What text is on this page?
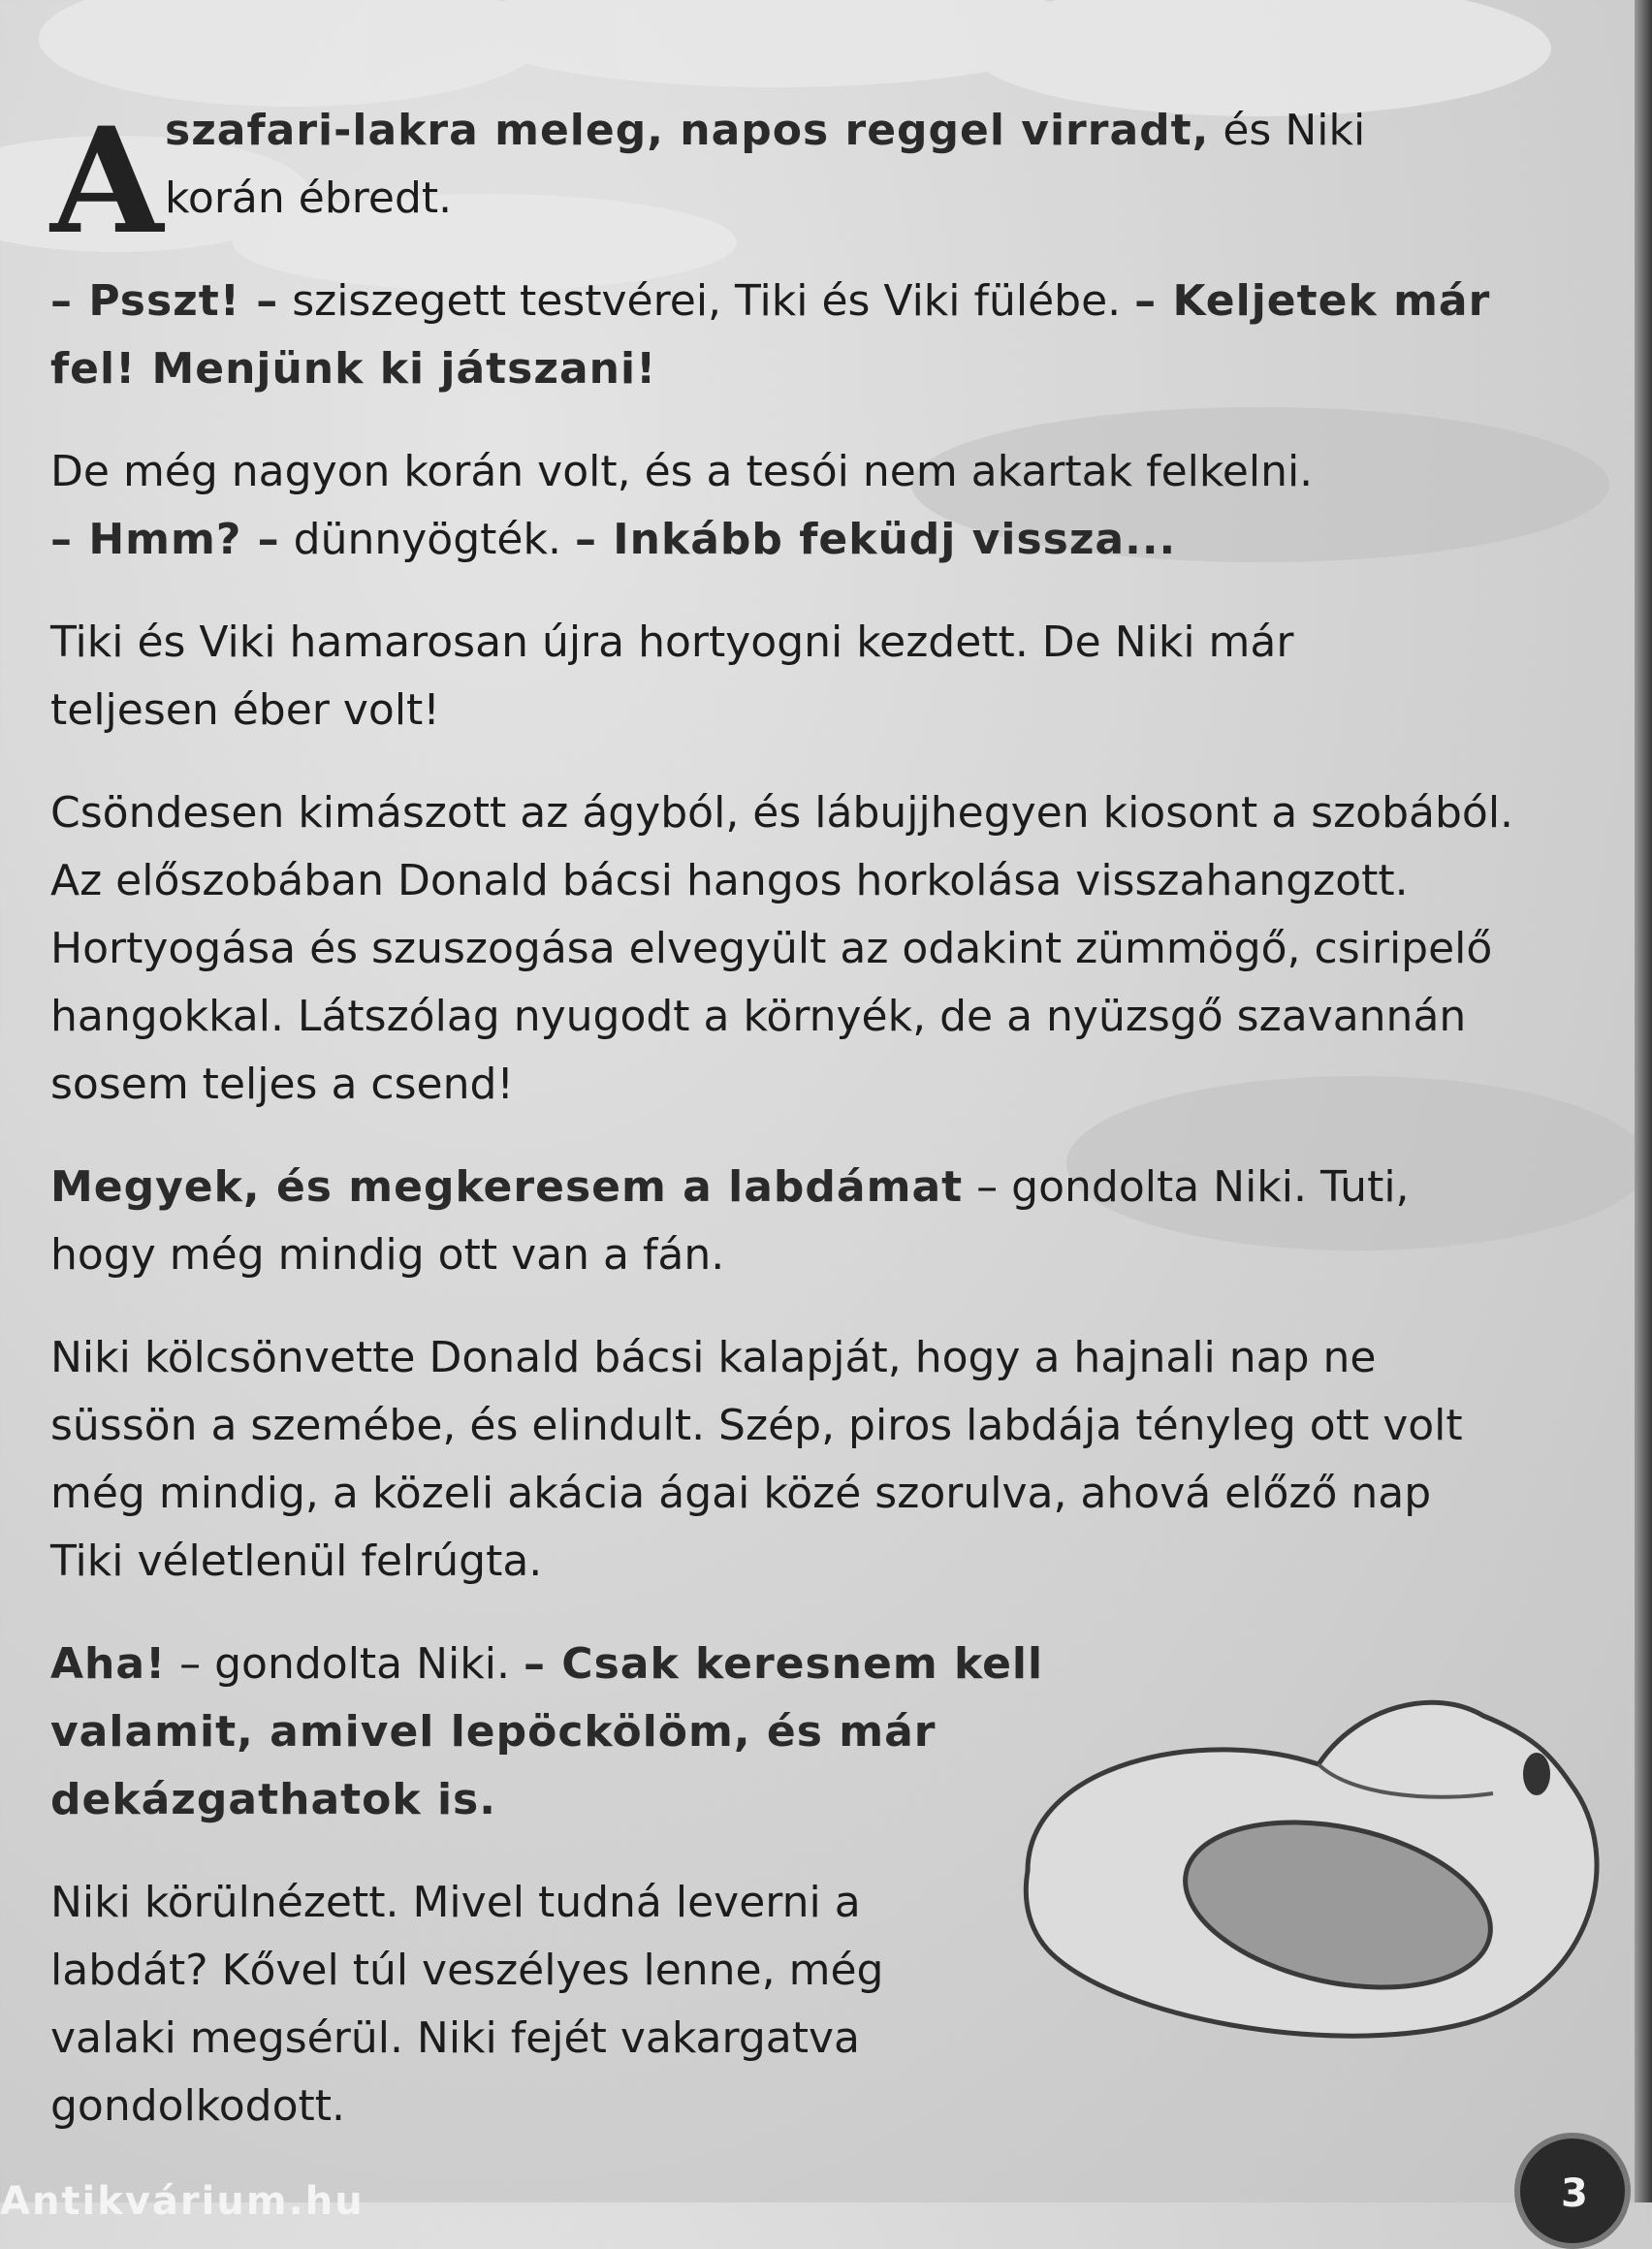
A szafari-lakra meleg, napos reggel virradt, és Niki
korán ébredt.

– Psszt! – sziszegett testvérei, Tiki és Viki fülébe. – Keljetek már fel! Menjünk ki játszani!

De még nagyon korán volt, és a tesói nem akartak felkelni.
– Hmm? – dünnyögték. – Inkább feküdj vissza...

Tiki és Viki hamarosan újra hortyogni kezdett. De Niki már teljesen éber volt!

Csöndesen kimászott az ágyból, és lábujjhegyen kiosont a szobából. Az előszobában Donald bácsi hangos horkolása visszahangzott. Hortyogása és szuszogása elvegyült az odakint zümmögő, csiripelő hangokkal. Látszólag nyugodt a környék, de a nyüzsgő szavannán sosem teljes a csend!

Megyek, és megkeresem a labdámat – gondolta Niki. Tuti, hogy még mindig ott van a fán.

Niki kölcsönvette Donald bácsi kalapját, hogy a hajnali nap ne süssön a szemébe, és elindult. Szép, piros labdája tényleg ott volt még mindig, a közeli akácia ágai közé szorulva, ahová előző nap Tiki véletlenül felrúgta.

Aha! – gondolta Niki. – Csak keresnem kell valamit, amivel lepöckölöm, és már dekázgathatok is.

Niki körülnézett. Mivel tudná leverni a labdát? Kővel túl veszélyes lenne, még valaki megsérül. Niki fejét vakargatva gondolkodott.

Antikvárium.hu	3
